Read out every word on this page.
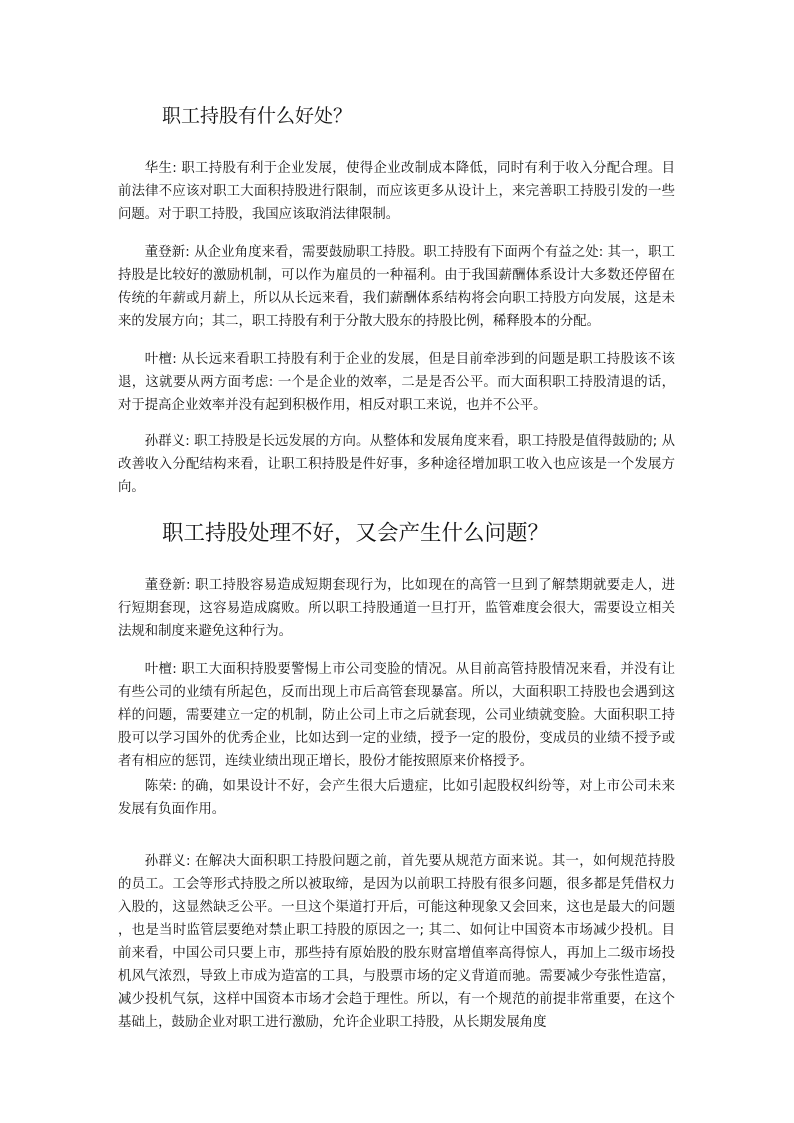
职工持股有什么好处？

华生: 职工持股有利于企业发展，使得企业改制成本降低，同时有利于收入分配合理。目前法律不应该对职工大面积持股进行限制，而应该更多从设计上，来完善职工持股引发的一些问题。对于职工持股，我国应该取消法律限制。

董登新: 从企业角度来看，需要鼓励职工持股。职工持股有下面两个有益之处: 其一，职工持股是比较好的激励机制，可以作为雇员的一种福利。由于我国薪酬体系设计大多数还停留在传统的年薪或月薪上，所以从长远来看，我们薪酬体系结构将会向职工持股方向发展，这是未来的发展方向；其二，职工持股有利于分散大股东的持股比例，稀释股本的分配。

叶檀: 从长远来看职工持股有利于企业的发展，但是目前牵涉到的问题是职工持股该不该退，这就要从两方面考虑: 一个是企业的效率，二是是否公平。而大面积职工持股清退的话，对于提高企业效率并没有起到积极作用，相反对职工来说，也并不公平。

孙群义: 职工持股是长远发展的方向。从整体和发展角度来看，职工持股是值得鼓励的; 从改善收入分配结构来看，让职工积持股是件好事，多种途径增加职工收入也应该是一个发展方向。

职工持股处理不好，又会产生什么问题？

董登新: 职工持股容易造成短期套现行为，比如现在的高管一旦到了解禁期就要走人，进行短期套现，这容易造成腐败。所以职工持股通道一旦打开，监管难度会很大，需要设立相关法规和制度来避免这种行为。

叶檀: 职工大面积持股要警惕上市公司变脸的情况。从目前高管持股情况来看，并没有让有些公司的业绩有所起色，反而出现上市后高管套现暴富。所以，大面积职工持股也会遇到这样的问题，需要建立一定的机制，防止公司上市之后就套现，公司业绩就变脸。大面积职工持股可以学习国外的优秀企业，比如达到一定的业绩，授予一定的股份，变成员的业绩不授予或者有相应的惩罚，连续业绩出现正增长，股份才能按照原来价格授予。

陈荣: 的确，如果设计不好，会产生很大后遗症，比如引起股权纠纷等，对上市公司未来发展有负面作用。

孙群义: 在解决大面积职工持股问题之前，首先要从规范方面来说。其一，如何规范持股的员工。工会等形式持股之所以被取缔，是因为以前职工持股有很多问题，很多都是凭借权力入股的，这显然缺乏公平。一旦这个渠道打开后，可能这种现象又会回来，这也是最大的问题，也是当时监管层要绝对禁止职工持股的原因之一; 其二、如何让中国资本市场减少投机。目前来看，中国公司只要上市，那些持有原始股的股东财富增值率高得惊人，再加上二级市场投机风气浓烈，导致上市成为造富的工具，与股票市场的定义背道而驰。需要减少夸张性造富，减少投机气氛，这样中国资本市场才会趋于理性。所以，有一个规范的前提非常重要，在这个基础上，鼓励企业对职工进行激励，允许企业职工持股，从长期发展角度
